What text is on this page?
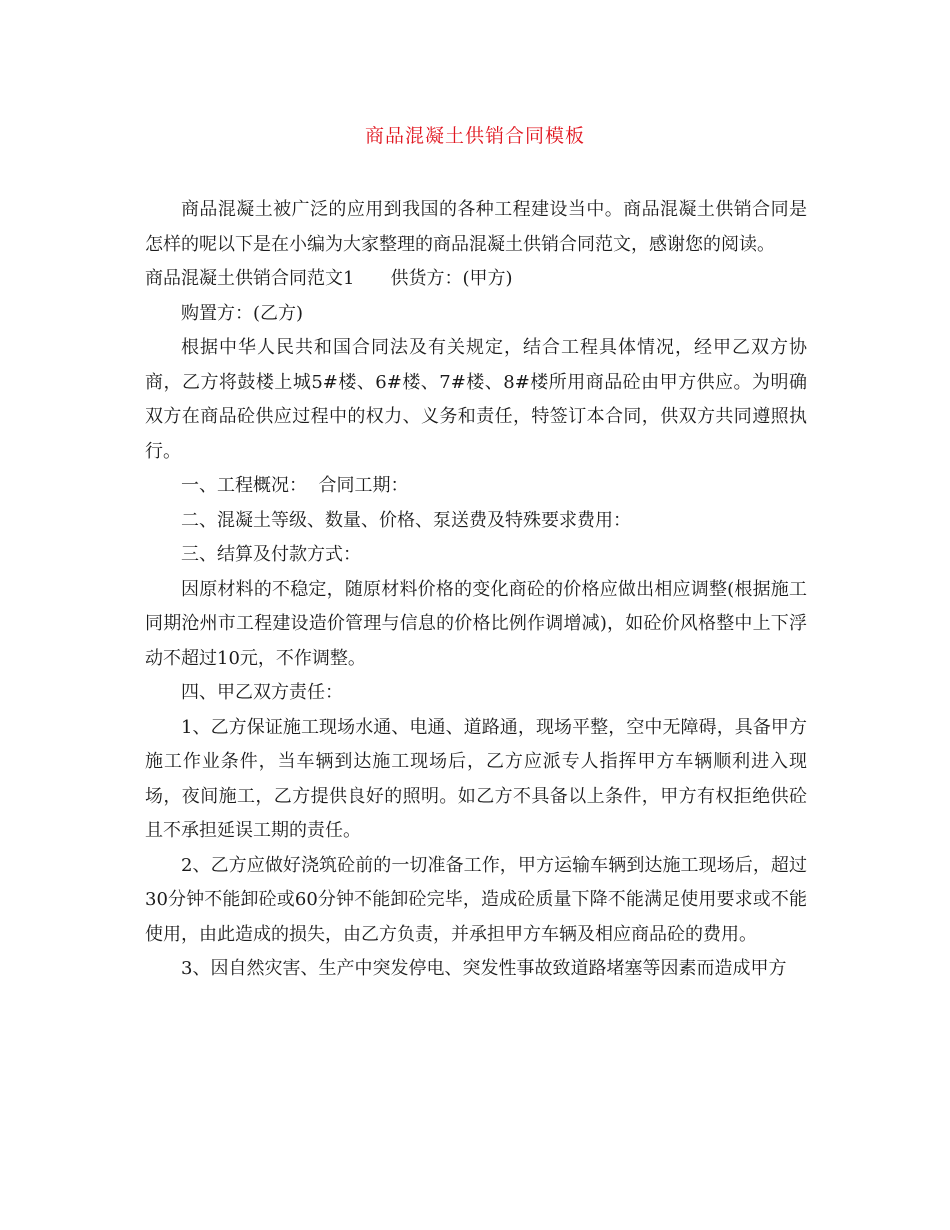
商品混凝土供销合同模板

商品混凝土被广泛的应用到我国的各种工程建设当中。商品混凝土供销合同是怎样的呢以下是在小编为大家整理的商品混凝土供销合同范文，感谢您的阅读。

商品混凝土供销合同范文1 供货方：(甲方)

购置方：(乙方)

根据中华人民共和国合同法及有关规定，结合工程具体情况，经甲乙双方协商，乙方将鼓楼上城5#楼、6#楼、7#楼、8#楼所用商品砼由甲方供应。为明确双方在商品砼供应过程中的权力、义务和责任，特签订本合同，供双方共同遵照执行。

一、工程概况：  合同工期：

二、混凝土等级、数量、价格、泵送费及特殊要求费用：

三、结算及付款方式：

因原材料的不稳定，随原材料价格的变化商砼的价格应做出相应调整(根据施工同期沧州市工程建设造价管理与信息的价格比例作调增减)，如砼价风格整中上下浮动不超过10元，不作调整。

四、甲乙双方责任：

1、乙方保证施工现场水通、电通、道路通，现场平整，空中无障碍，具备甲方施工作业条件，当车辆到达施工现场后，乙方应派专人指挥甲方车辆顺利进入现场，夜间施工，乙方提供良好的照明。如乙方不具备以上条件，甲方有权拒绝供砼且不承担延误工期的责任。

2、乙方应做好浇筑砼前的一切准备工作，甲方运输车辆到达施工现场后，超过30分钟不能卸砼或60分钟不能卸砼完毕，造成砼质量下降不能满足使用要求或不能使用，由此造成的损失，由乙方负责，并承担甲方车辆及相应商品砼的费用。

3、因自然灾害、生产中突发停电、突发性事故致道路堵塞等因素而造成甲方
